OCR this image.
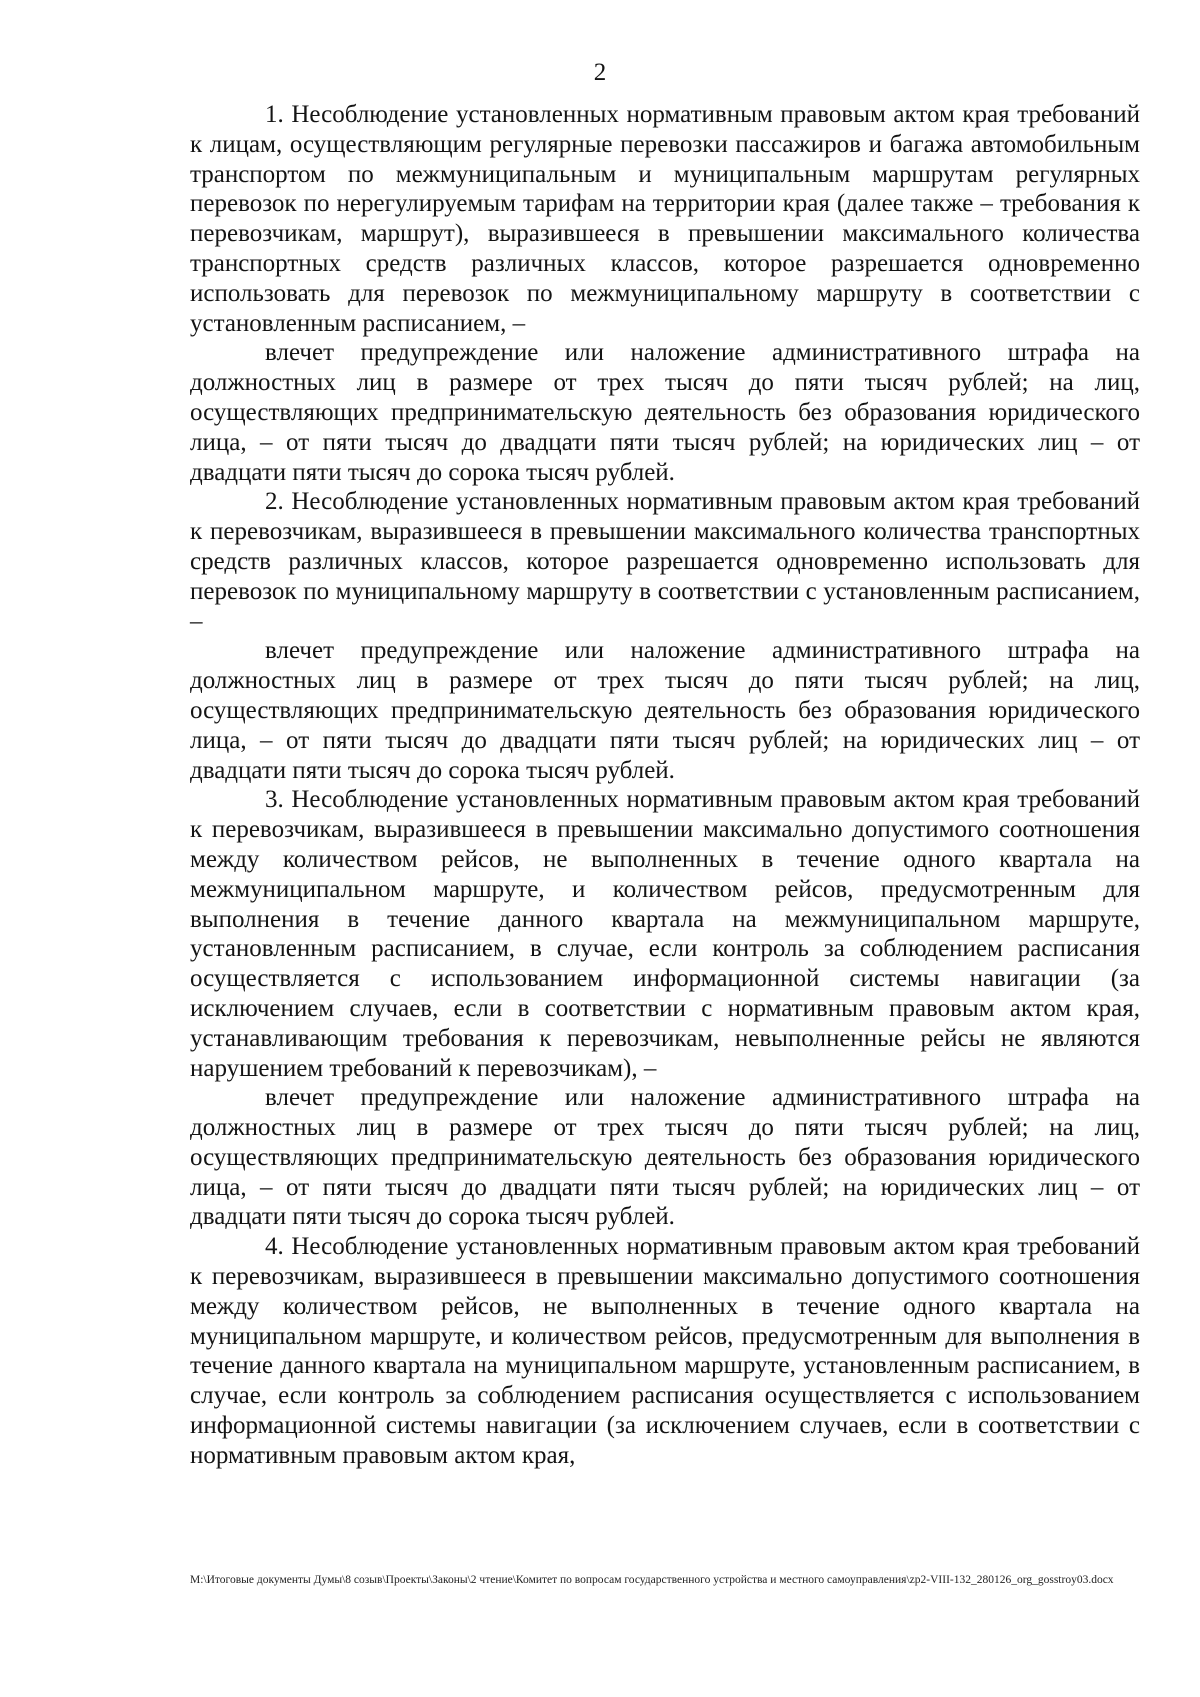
2

1. Несоблюдение установленных нормативным правовым актом края требований к лицам, осуществляющим регулярные перевозки пассажиров и багажа автомобильным транспортом по межмуниципальным и муниципальным маршрутам регулярных перевозок по нерегулируемым тарифам на территории края (далее также – требования к перевозчикам, маршрут), выразившееся в превышении максимального количества транспортных средств различных классов, которое разрешается одновременно использовать для перевозок по межмуниципальному маршруту в соответствии с установленным расписанием, –

влечет предупреждение или наложение административного штрафа на должностных лиц в размере от трех тысяч до пяти тысяч рублей; на лиц, осуществляющих предпринимательскую деятельность без образования юридического лица, – от пяти тысяч до двадцати пяти тысяч рублей; на юридических лиц – от двадцати пяти тысяч до сорока тысяч рублей.

2. Несоблюдение установленных нормативным правовым актом края требований к перевозчикам, выразившееся в превышении максимального количества транспортных средств различных классов, которое разрешается одновременно использовать для перевозок по муниципальному маршруту в соответствии с установленным расписанием, –

влечет предупреждение или наложение административного штрафа на должностных лиц в размере от трех тысяч до пяти тысяч рублей; на лиц, осуществляющих предпринимательскую деятельность без образования юридического лица, – от пяти тысяч до двадцати пяти тысяч рублей; на юридических лиц – от двадцати пяти тысяч до сорока тысяч рублей.

3. Несоблюдение установленных нормативным правовым актом края требований к перевозчикам, выразившееся в превышении максимально допустимого соотношения между количеством рейсов, не выполненных в течение одного квартала на межмуниципальном маршруте, и количеством рейсов, предусмотренным для выполнения в течение данного квартала на межмуниципальном маршруте, установленным расписанием, в случае, если контроль за соблюдением расписания осуществляется с использованием информационной системы навигации (за исключением случаев, если в соответствии с нормативным правовым актом края, устанавливающим требования к перевозчикам, невыполненные рейсы не являются нарушением требований к перевозчикам), –

влечет предупреждение или наложение административного штрафа на должностных лиц в размере от трех тысяч до пяти тысяч рублей; на лиц, осуществляющих предпринимательскую деятельность без образования юридического лица, – от пяти тысяч до двадцати пяти тысяч рублей; на юридических лиц – от двадцати пяти тысяч до сорока тысяч рублей.

4. Несоблюдение установленных нормативным правовым актом края требований к перевозчикам, выразившееся в превышении максимально допустимого соотношения между количеством рейсов, не выполненных в течение одного квартала на муниципальном маршруте, и количеством рейсов, предусмотренным для выполнения в течение данного квартала на муниципальном маршруте, установленным расписанием, в случае, если контроль за соблюдением расписания осуществляется с использованием информационной системы навигации (за исключением случаев, если в соответствии с нормативным правовым актом края,

M:\Итоговые документы Думы\8 созыв\Проекты\Законы\2 чтение\Комитет по вопросам государственного устройства и местного самоуправления\zp2-VIII-132_280126_org_gosstroy03.docx
